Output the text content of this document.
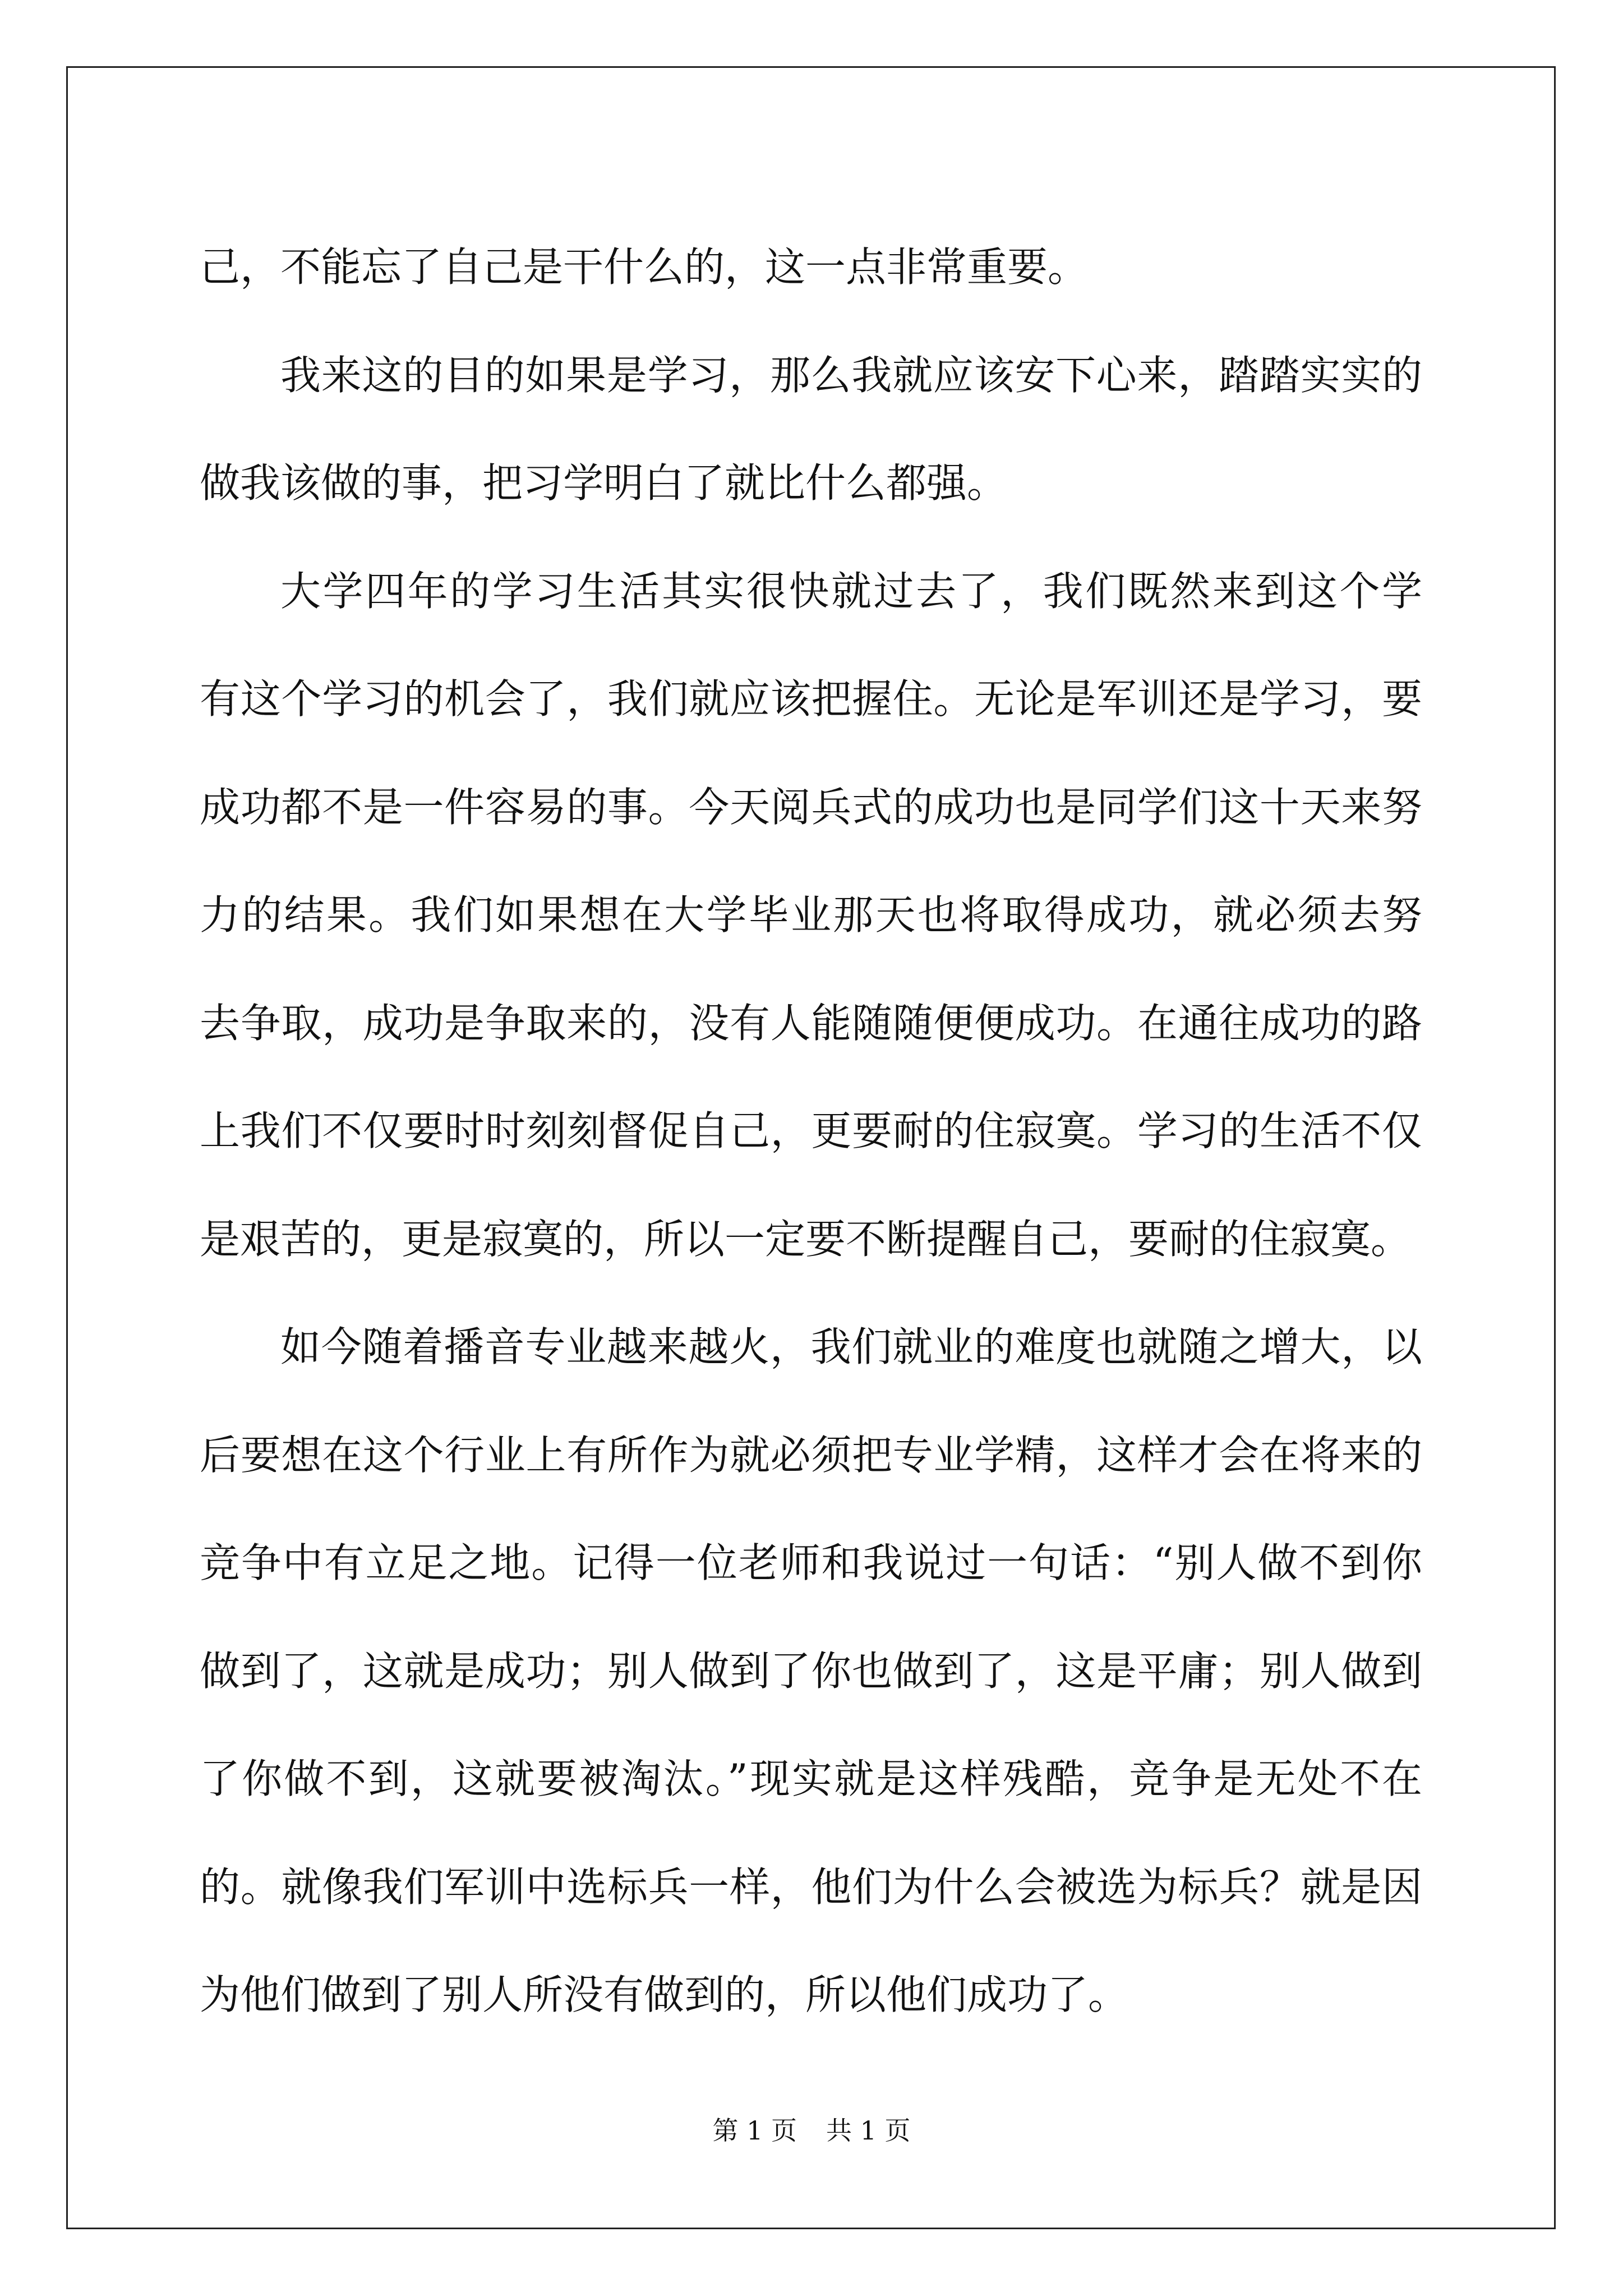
己，不能忘了自己是干什么的，这一点非常重要。
我来这的目的如果是学习，那么我就应该安下心来，踏踏实实的
做我该做的事，把习学明白了就比什么都强。
大学四年的学习生活其实很快就过去了，我们既然来到这个学
有这个学习的机会了，我们就应该把握住。无论是军训还是学习，要
成功都不是一件容易的事。今天阅兵式的成功也是同学们这十天来努
力的结果。我们如果想在大学毕业那天也将取得成功，就必须去努
去争取，成功是争取来的，没有人能随随便便成功。在通往成功的路
上我们不仅要时时刻刻督促自己，更要耐的住寂寞。学习的生活不仅
是艰苦的，更是寂寞的，所以一定要不断提醒自己，要耐的住寂寞。
如今随着播音专业越来越火，我们就业的难度也就随之增大，以
后要想在这个行业上有所作为就必须把专业学精，这样才会在将来的
竞争中有立足之地。记得一位老师和我说过一句话：“别人做不到你
做到了，这就是成功；别人做到了你也做到了，这是平庸；别人做到
了你做不到，这就要被淘汰。”现实就是这样残酷，竞争是无处不在
的。就像我们军训中选标兵一样，他们为什么会被选为标兵？就是因
为他们做到了别人所没有做到的，所以他们成功了。
第 1 页 共 1 页
